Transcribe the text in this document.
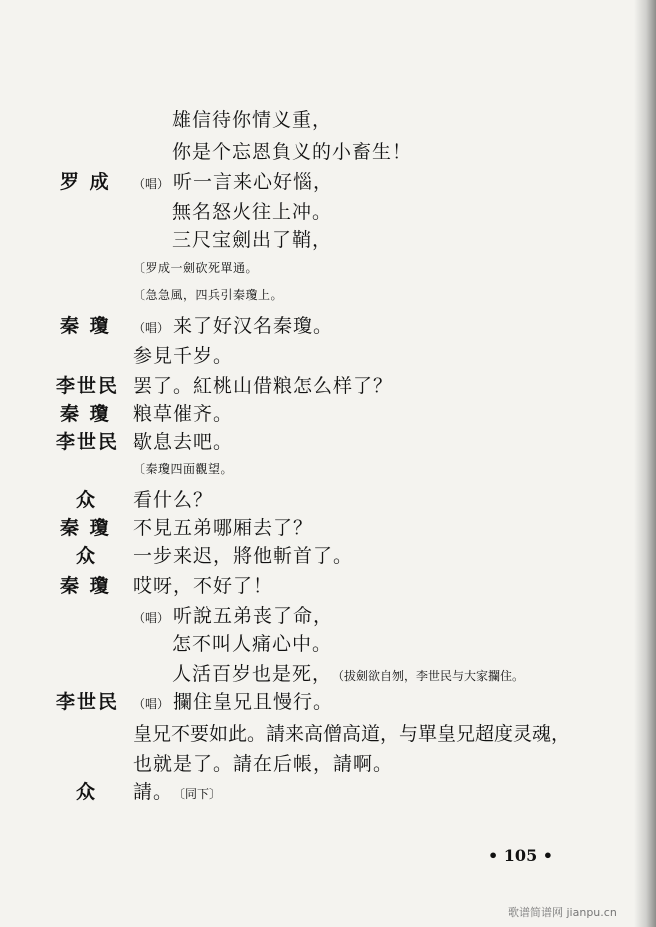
雄信待你情义重，
你是个忘恩負义的小畜生！
罗 成 （唱） 听一言来心好惱，
無名怒火往上冲。
三尺宝劍出了鞘，
〔罗成一劍砍死單通。
〔急急風，四兵引秦瓊上。
秦 瓊 （唱） 来了好汉名秦瓊。
参見千岁。
李世民 罢了。紅桃山借粮怎么样了？
秦 瓊 粮草催齐。
李世民 歇息去吧。
〔秦瓊四面觀望。
众 看什么？
秦 瓊 不見五弟哪厢去了？
众 一步来迟，將他斬首了。
秦 瓊 哎呀，不好了！
（唱） 听說五弟丧了命，
怎不叫人痛心中。
人活百岁也是死， （拔劍欲自刎，李世民与大家攔住。
李世民 （唱） 攔住皇兄且慢行。
皇兄不要如此。請来高僧高道，与單皇兄超度灵魂，
也就是了。請在后帳，請啊。
众 請。 〔同下〕
• 105 •
歌谱简谱网 jianpu.cn
